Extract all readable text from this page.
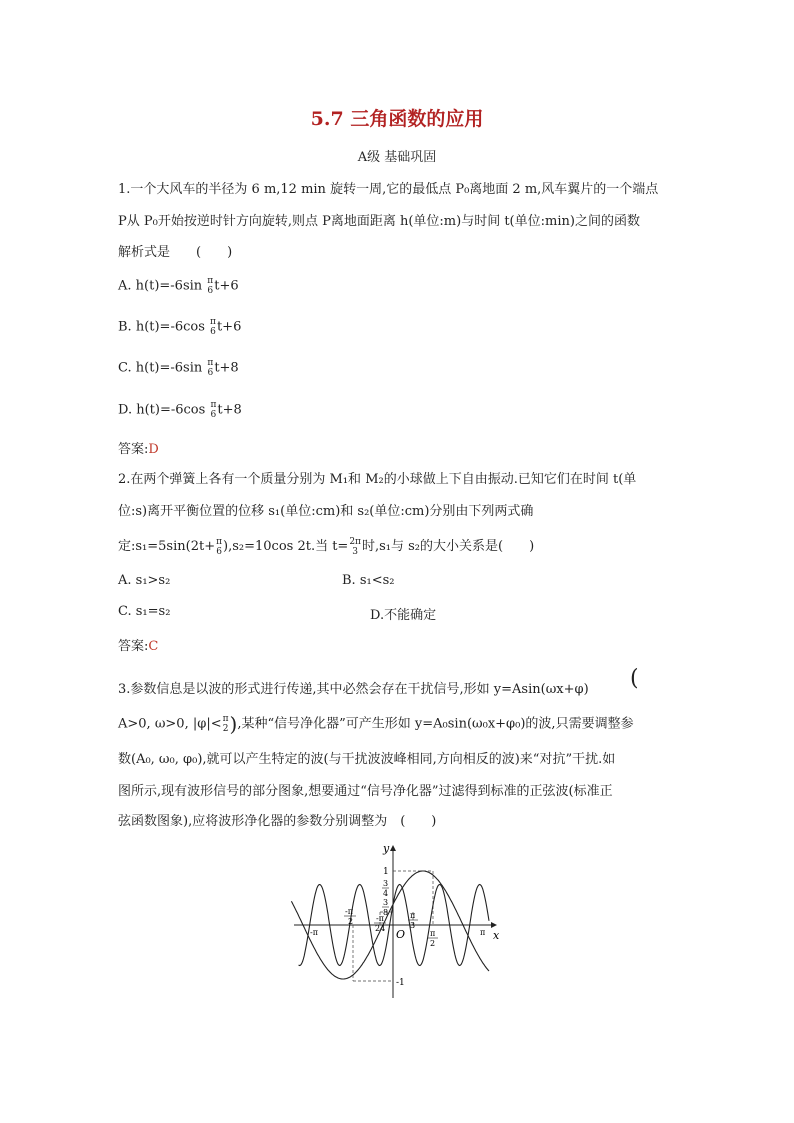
5.7 三角函数的应用
A级 基础巩固
1.一个大风车的半径为 6 m,12 min 旋转一周,它的最低点 P₀离地面 2 m,风车翼片的一个端点
P从 P₀开始按逆时针方向旋转,则点 P离地面距离 h(单位:m)与时间 t(单位:min)之间的函数
解析式是　　(　　)
A. h(t)=-6sin π
6 t+6
B. h(t)=-6cos π
6 t+6
C. h(t)=-6sin π
6 t+8
D. h(t)=-6cos π
6 t+8
答案:D
2.在两个弹簧上各有一个质量分别为 M₁和 M₂的小球做上下自由振动.已知它们在时间 t(单
位:s)离开平衡位置的位移 s₁(单位:cm)和 s₂(单位:cm)分别由下列两式确
定:s₁=5sin(2t+ π
6 ),s₂=10cos 2t.当 t= 2π
3 时,s₁与 s₂的大小关系是(　　)
A. s₁>s₂	B. s₁<s₂
C. s₁=s₂	D.不能确定
答案:C
3.参数信息是以波的形式进行传递,其中必然会存在干扰信号,形如 y=Asin(ωx+φ) (
A>0, ω>0, |φ|< π
2 ),某种“信号净化器”可产生形如 y=A₀sin(ω₀x+φ₀)的波,只需要调整参
数(A₀, ω₀, φ₀),就可以产生特定的波(与干扰波波峰相同,方向相反的波)来“对抗”干扰.如
图所示,现有波形信号的部分图象,想要通过“信号净化器”过滤得到标准的正弦波(标准正
弦函数图象),应将波形净化器的参数分别调整为　(　　)
y
x
O
1
3
4
3
8
-1
-π
-π
2	-π
24
π
3
π
2
π
